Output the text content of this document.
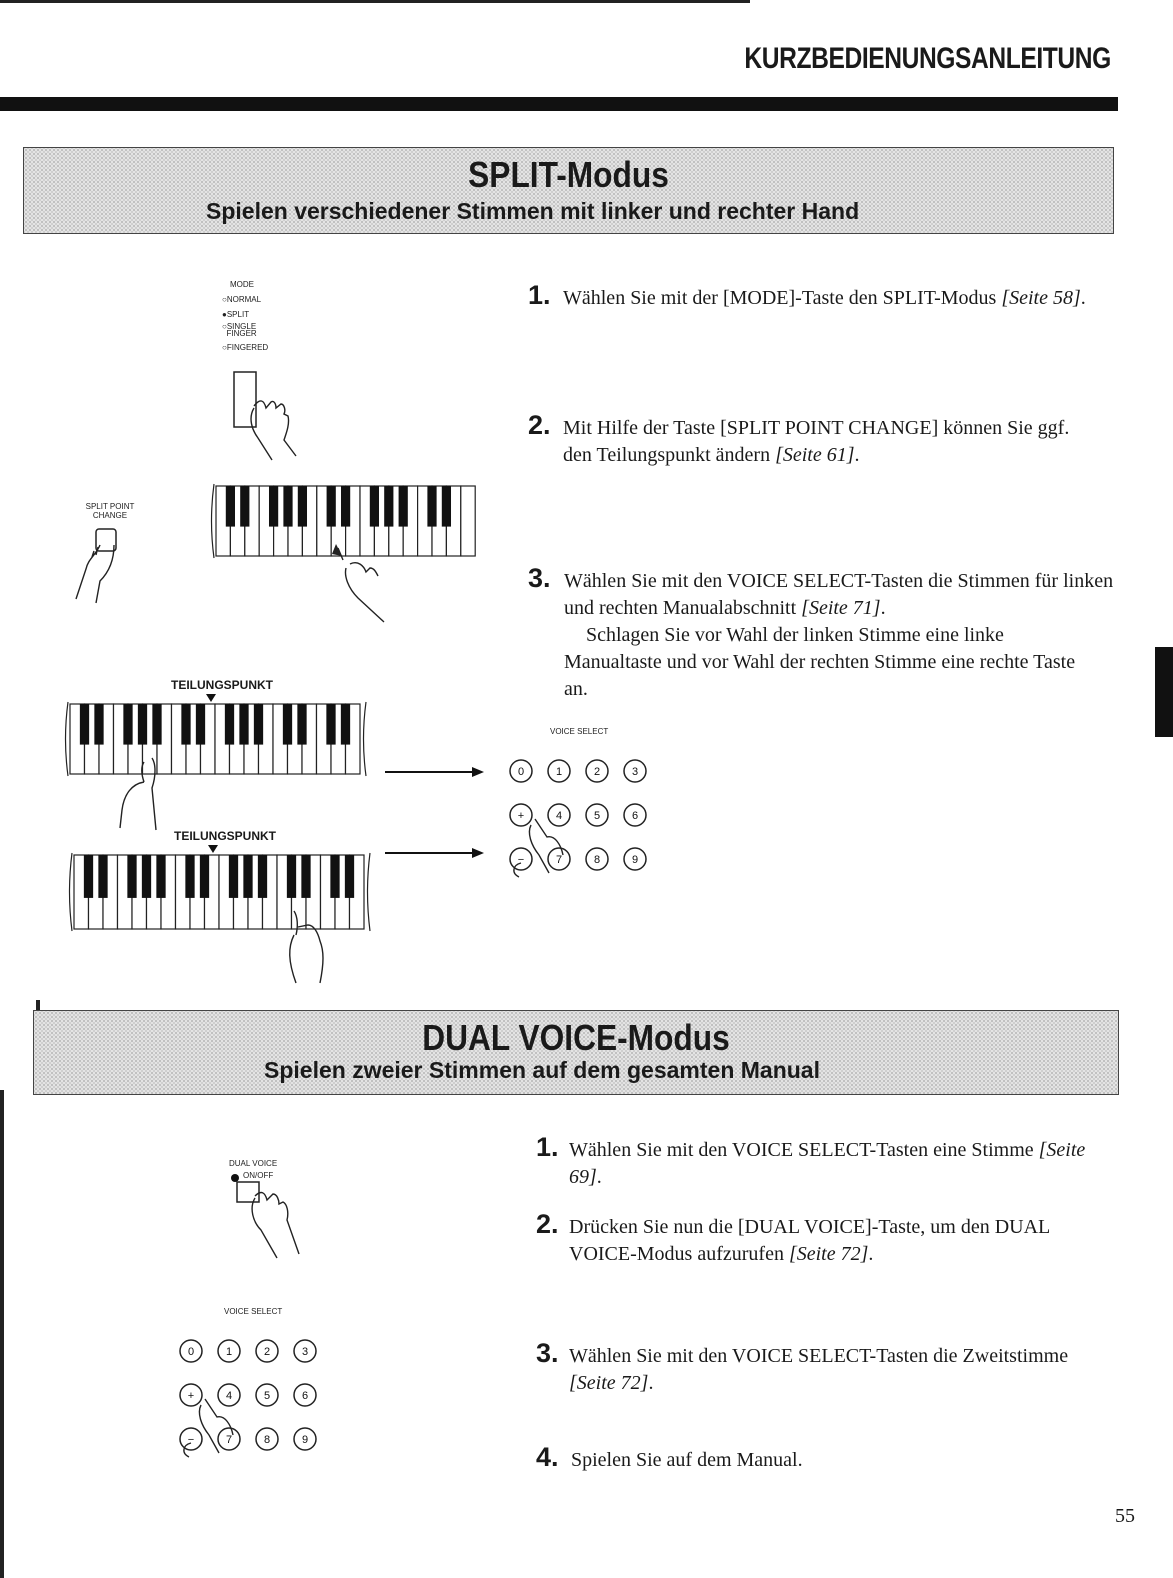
KURZBEDIENUNGSANLEITUNG
SPLIT-Modus
Spielen verschiedener Stimmen mit linker und rechter Hand
MODE
○NORMAL
●SPLIT
○SINGLE
FINGER
○FINGERED
SPLIT POINT
CHANGE
1. Wählen Sie mit der [MODE]-Taste den SPLIT-Modus [Seite 58].
2. Mit Hilfe der Taste [SPLIT POINT CHANGE] können Sie ggf. den Teilungspunkt ändern [Seite 61].
3. Wählen Sie mit den VOICE SELECT-Tasten die Stimmen für linken und rechten Manualabschnitt [Seite 71].
Schlagen Sie vor Wahl der linken Stimme eine linke Manualtaste und vor Wahl der rechten Stimme eine rechte Taste an.
TEILUNGSPUNKT
TEILUNGSPUNKT
VOICE SELECT
0	1	2	3
+	4	5	6
−	7	8	9
DUAL VOICE-Modus
Spielen zweier Stimmen auf dem gesamten Manual
DUAL VOICE
ON/OFF
VOICE SELECT
0	1	2	3
+	4	5	6
−	7	8	9
1. Wählen Sie mit den VOICE SELECT-Tasten eine Stimme [Seite 69].
2. Drücken Sie nun die [DUAL VOICE]-Taste, um den DUAL VOICE-Modus aufzurufen [Seite 72].
3. Wählen Sie mit den VOICE SELECT-Tasten die Zweitstimme [Seite 72].
4. Spielen Sie auf dem Manual.
55
